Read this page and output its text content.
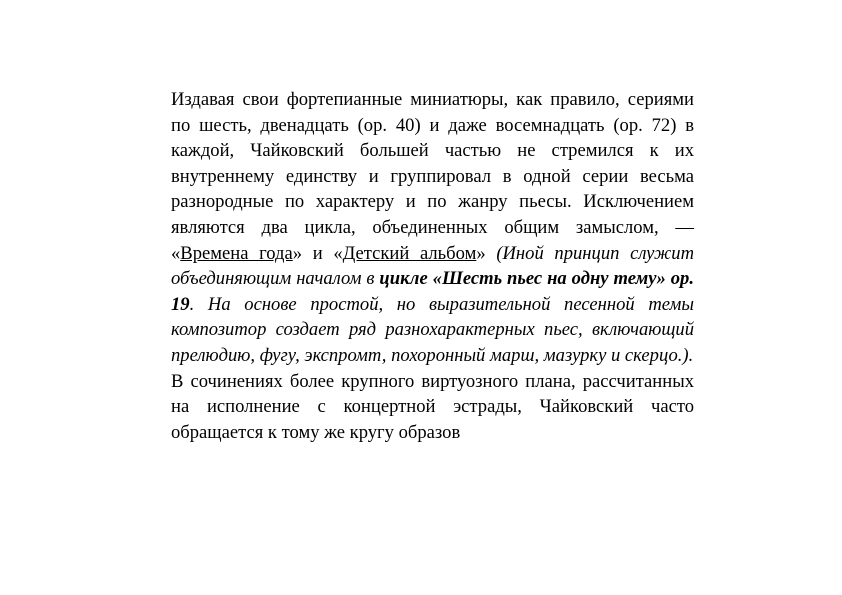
Издавая свои фортепианные миниатюры, как правило, сериями по шесть, двенадцать (ор. 40) и даже восемнадцать (ор. 72) в каждой, Чайковский большей частью не стремился к их внутреннему единству и группировал в одной серии весьма разнородные по характеру и по жанру пьесы. Исключением являются два цикла, объединенных общим замыслом, — «Времена года» и «Детский альбом» (Иной принцип служит объединяющим началом в цикле «Шесть пьес на одну тему» ор. 19. На основе простой, но выразительной песенной темы композитор создает ряд разнохарактерных пьес, включающий прелюдию, фугу, экспромт, похоронный марш, мазурку и скерцо.).

В сочинениях более крупного виртуозного плана, рассчитанных на исполнение с концертной эстрады, Чайковский часто обращается к тому же кругу образов
